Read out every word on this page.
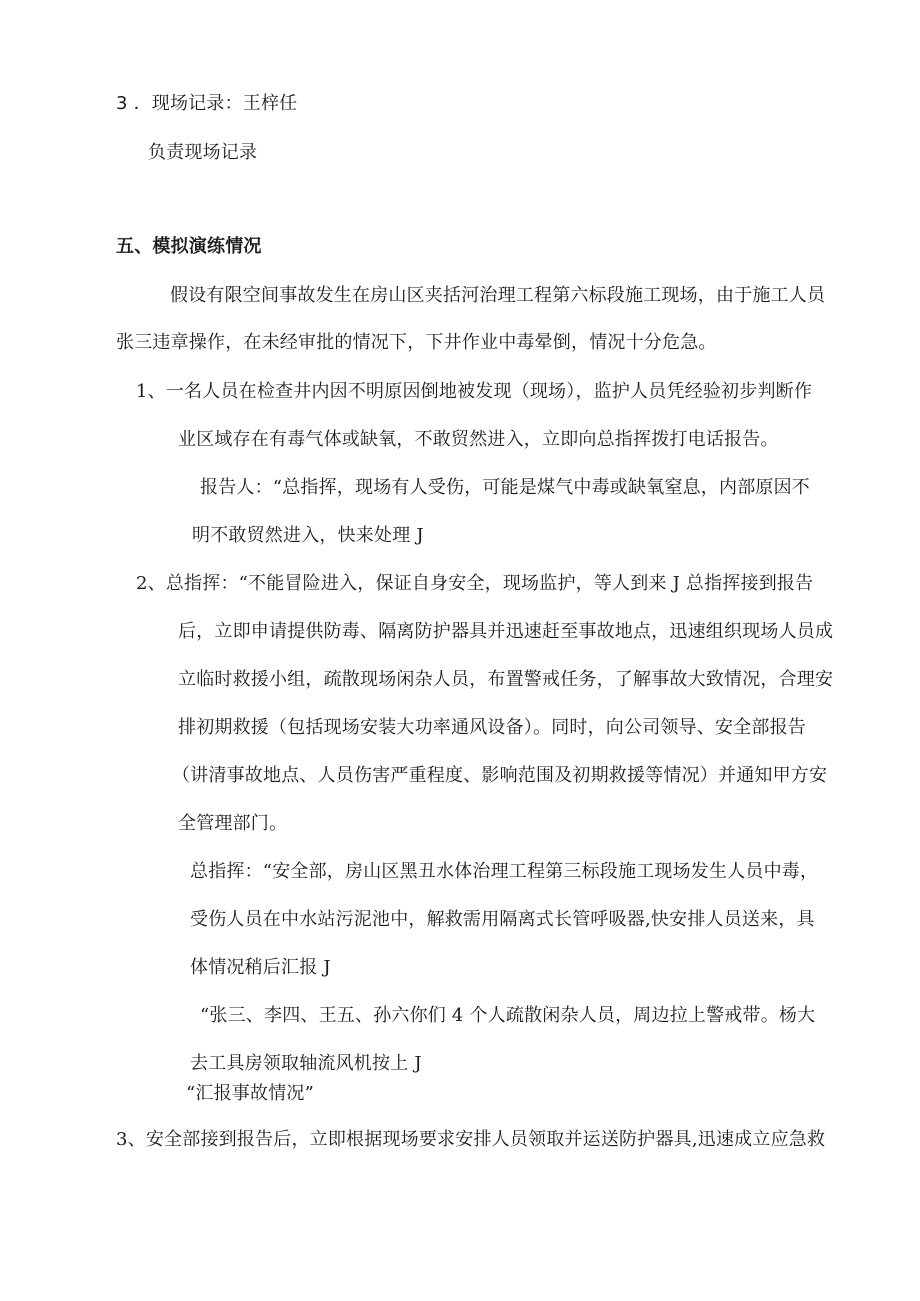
3 ．现场记录：王梓任
负责现场记录
五、模拟演练情况
假设有限空间事故发生在房山区夹括河治理工程第六标段施工现场，由于施工人员
张三违章操作，在未经审批的情况下，下井作业中毒晕倒，情况十分危急。
1、一名人员在检查井内因不明原因倒地被发现（现场），监护人员凭经验初步判断作
业区域存在有毒气体或缺氧，不敢贸然进入，立即向总指挥拨打电话报告。
报告人：“总指挥，现场有人受伤，可能是煤气中毒或缺氧窒息，内部原因不
明不敢贸然进入，快来处理 J
2、总指挥：“不能冒险进入，保证自身安全，现场监护，等人到来 J 总指挥接到报告
后，立即申请提供防毒、隔离防护器具并迅速赶至事故地点，迅速组织现场人员成
立临时救援小组，疏散现场闲杂人员，布置警戒任务，了解事故大致情况，合理安
排初期救援（包括现场安装大功率通风设备）。同时，向公司领导、安全部报告
（讲清事故地点、人员伤害严重程度、影响范围及初期救援等情况）并通知甲方安
全管理部门。
总指挥：“安全部，房山区黑丑水体治理工程第三标段施工现场发生人员中毒，
受伤人员在中水站污泥池中，解救需用隔离式长管呼吸器,快安排人员送来，具
体情况稍后汇报 J
“张三、李四、王五、孙六你们 4 个人疏散闲杂人员，周边拉上警戒带。杨大
去工具房领取轴流风机按上 J
“汇报事故情况”
3、安全部接到报告后，立即根据现场要求安排人员领取并运送防护器具,迅速成立应急救
